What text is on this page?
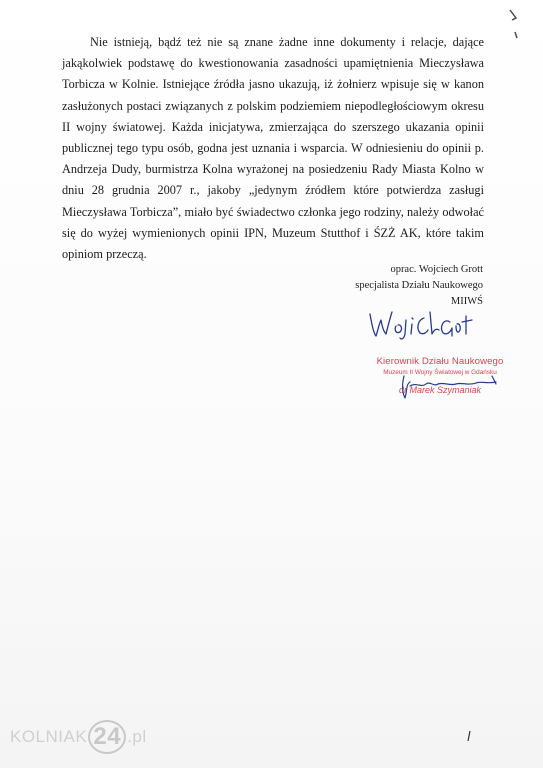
Nie istnieją, bądź też nie są znane żadne inne dokumenty i relacje, dające jakąkolwiek podstawę do kwestionowania zasadności upamiętnienia Mieczysława Torbicza w Kolnie. Istniejące źródła jasno ukazują, iż żołnierz wpisuje się w kanon zasłużonych postaci związanych z polskim podziemiem niepodległościowym okresu II wojny światowej. Każda inicjatywa, zmierzająca do szerszego ukazania opinii publicznej tego typu osób, godna jest uznania i wsparcia. W odniesieniu do opinii p. Andrzeja Dudy, burmistrza Kolna wyrażonej na posiedzeniu Rady Miasta Kolno w dniu 28 grudnia 2007 r., jakoby „jedynym źródłem które potwierdza zasługi Mieczysława Torbicza”, miało być świadectwo członka jego rodziny, należy odwołać się do wyżej wymienionych opinii IPN, Muzeum Stutthof i ŚZŻ AK, które takim opiniom przeczą.

oprac. Wojciech Grott
specjalista Działu Naukowego
MIIWŚ
Kierownik Działu Naukowego
Muzeum II Wojny Światowej w Gdańsku
dr Marek Szymaniak
KOLNIAK 24 .pl
